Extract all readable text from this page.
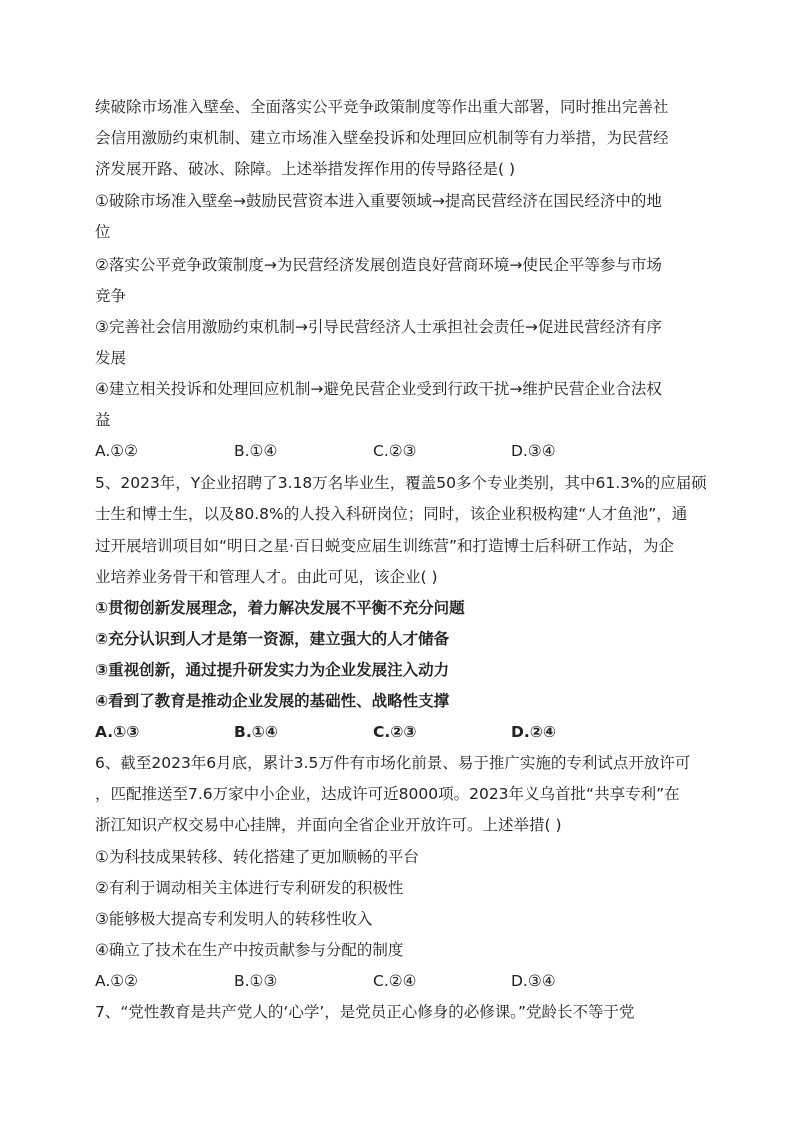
续破除市场准入壁垒、全面落实公平竞争政策制度等作出重大部署，同时推出完善社
会信用激励约束机制、建立市场准入壁垒投诉和处理回应机制等有力举措，为民营经
济发展开路、破冰、除障。上述举措发挥作用的传导路径是( )
①破除市场准入壁垒→鼓励民营资本进入重要领域→提高民营经济在国民经济中的地
位
②落实公平竞争政策制度→为民营经济发展创造良好营商环境→使民企平等参与市场
竞争
③完善社会信用激励约束机制→引导民营经济人士承担社会责任→促进民营经济有序
发展
④建立相关投诉和处理回应机制→避免民营企业受到行政干扰→维护民营企业合法权
益
A.①②	B.①④	C.②③	D.③④
5、2023年，Y企业招聘了3.18万名毕业生，覆盖50多个专业类别，其中61.3%的应届硕
士生和博士生，以及80.8%的人投入科研岗位；同时，该企业积极构建“人才鱼池”，通
过开展培训项目如“明日之星·百日蜕变应届生训练营”和打造博士后科研工作站，为企
业培养业务骨干和管理人才。由此可见，该企业( )
①贯彻创新发展理念，着力解决发展不平衡不充分问题
②充分认识到人才是第一资源，建立强大的人才储备
③重视创新，通过提升研发实力为企业发展注入动力
④看到了教育是推动企业发展的基础性、战略性支撑
A.①③	B.①④	C.②③	D.②④
6、截至2023年6月底，累计3.5万件有市场化前景、易于推广实施的专利试点开放许可
，匹配推送至7.6万家中小企业，达成许可近8000项。2023年义乌首批“共享专利”在
浙江知识产权交易中心挂牌，并面向全省企业开放许可。上述举措( )
①为科技成果转移、转化搭建了更加顺畅的平台
②有利于调动相关主体进行专利研发的积极性
③能够极大提高专利发明人的转移性收入
④确立了技术在生产中按贡献参与分配的制度
A.①②	B.①③	C.②④	D.③④
7、“党性教育是共产党人的‘心学’，是党员正心修身的必修课。”党龄长不等于党
